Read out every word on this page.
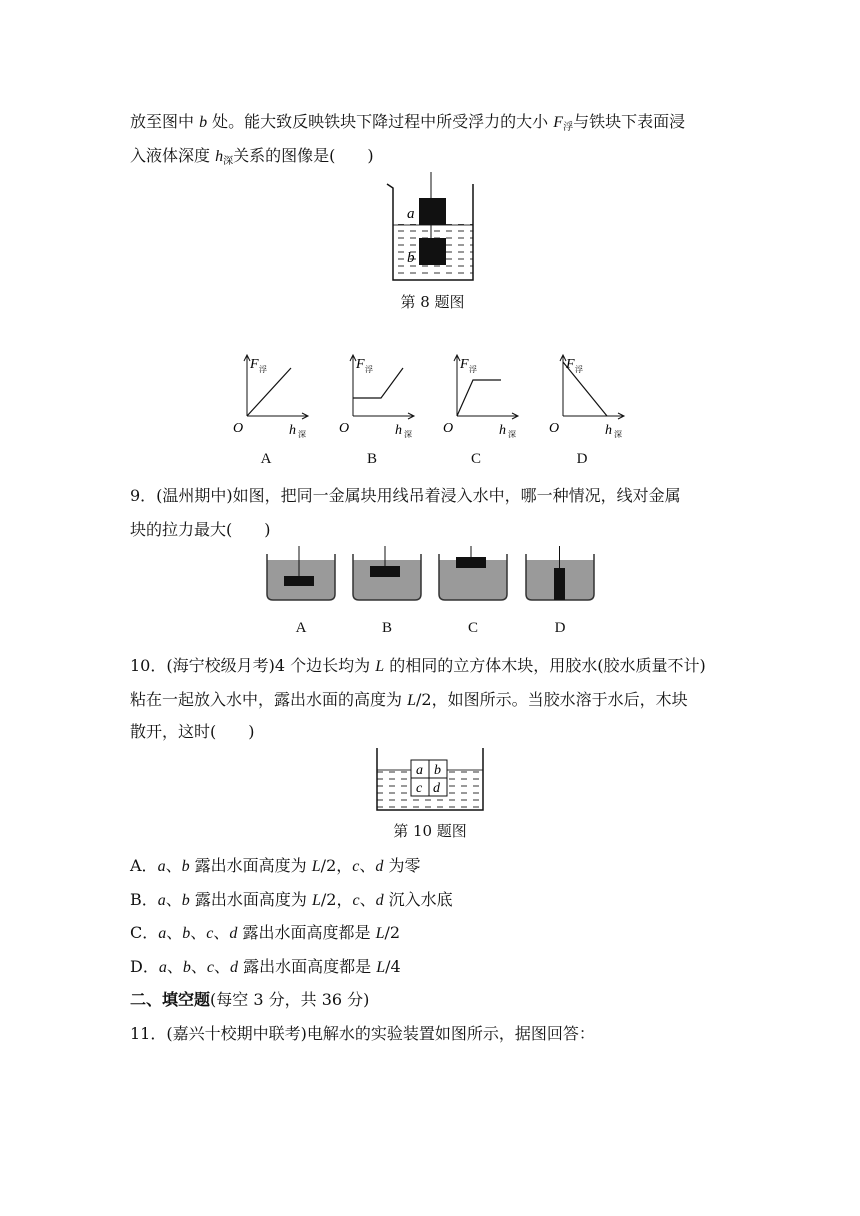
放至图中 b 处。能大致反映铁块下降过程中所受浮力的大小 F浮与铁块下表面浸
入液体深度 h深关系的图像是(　　)
a
b
第 8 题图
F 浮
O	h 深
F 浮
O	h 深
F 浮
O	h 深
F 浮
O	h 深
A	B	C	D
9．(温州期中)如图，把同一金属块用线吊着浸入水中，哪一种情况，线对金属
块的拉力最大(　　)
A	B	C	D
10．(海宁校级月考)4 个边长均为 L 的相同的立方体木块，用胶水(胶水质量不计)
粘在一起放入水中，露出水面的高度为 L/2，如图所示。当胶水溶于水后，木块
散开，这时(　　)
a b
c d
第 10 题图
A．a、b 露出水面高度为 L/2，c、d 为零
B．a、b 露出水面高度为 L/2，c、d 沉入水底
C．a、b、c、d 露出水面高度都是 L/2
D．a、b、c、d 露出水面高度都是 L/4
二、填空题(每空 3 分，共 36 分)
11．(嘉兴十校期中联考)电解水的实验装置如图所示，据图回答：
